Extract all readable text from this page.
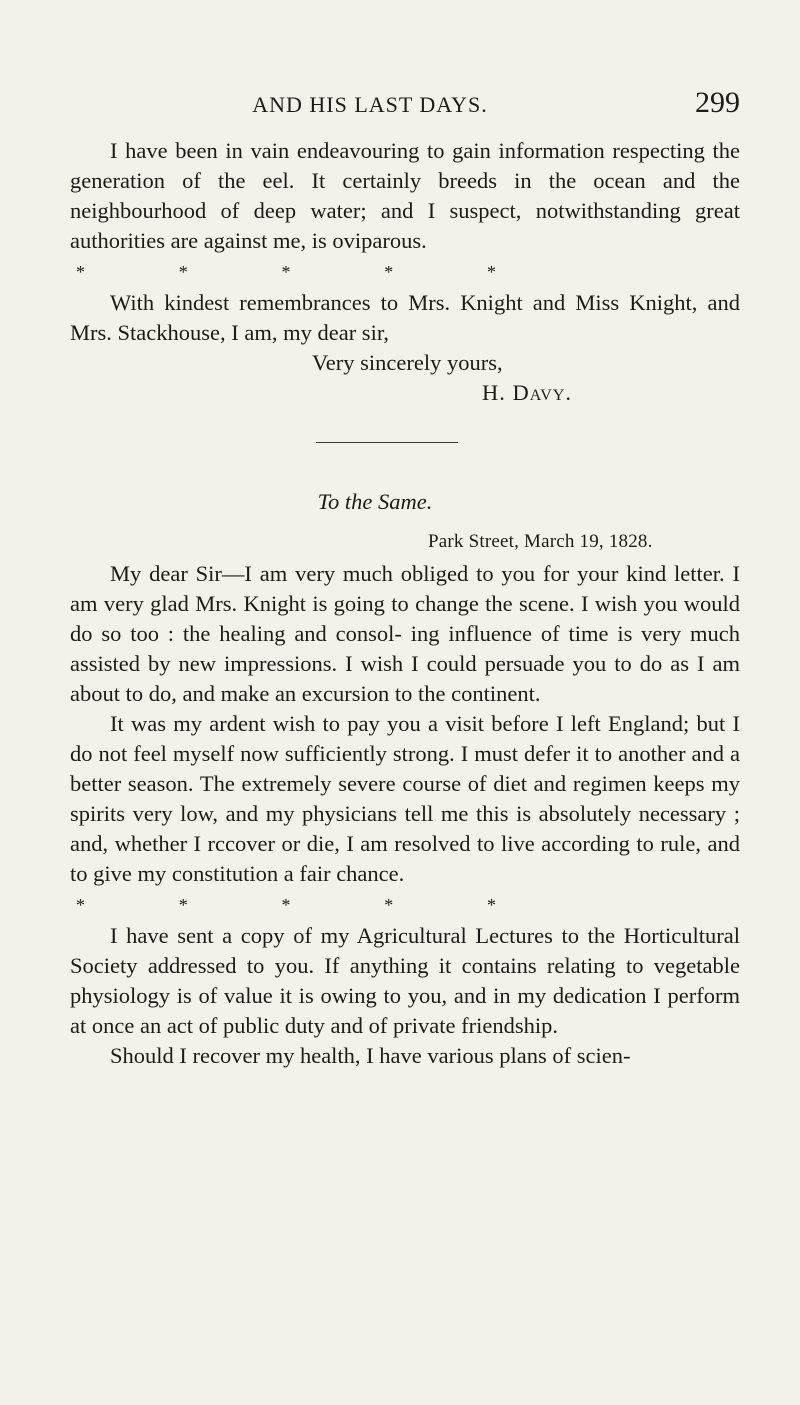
AND HIS LAST DAYS.	299

I have been in vain endeavouring to gain information respecting the generation of the eel. It certainly breeds in the ocean and the neighbourhood of deep water; and I suspect, notwithstanding great authorities are against me, is oviparous.

*	*	*	*	*

With kindest remembrances to Mrs. Knight and Miss Knight, and Mrs. Stackhouse, I am, my dear sir,

Very sincerely yours,

H. Davy.

To the Same.

Park Street, March 19, 1828.

My dear Sir—I am very much obliged to you for your kind letter. I am very glad Mrs. Knight is going to change the scene. I wish you would do so too : the healing and consol- ing influence of time is very much assisted by new impressions. I wish I could persuade you to do as I am about to do, and make an excursion to the continent.

It was my ardent wish to pay you a visit before I left England; but I do not feel myself now sufficiently strong. I must defer it to another and a better season. The extremely severe course of diet and regimen keeps my spirits very low, and my physicians tell me this is absolutely necessary ; and, whether I rccover or die, I am resolved to live according to rule, and to give my constitution a fair chance.

*	*	*	*	*

I have sent a copy of my Agricultural Lectures to the Horticultural Society addressed to you. If anything it contains relating to vegetable physiology is of value it is owing to you, and in my dedication I perform at once an act of public duty and of private friendship.

Should I recover my health, I have various plans of scien-
